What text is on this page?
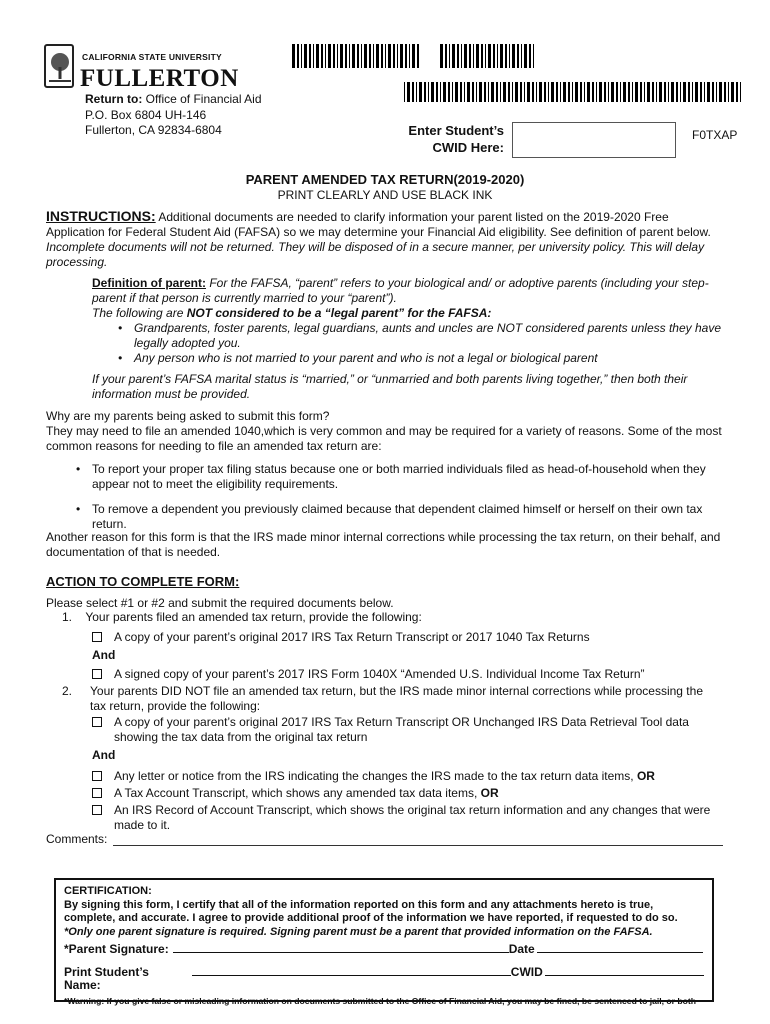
CALIFORNIA STATE UNIVERSITY
FULLERTON
Return to: Office of Financial Aid
P.O. Box 6804 UH-146
Fullerton, CA 92834-6804	Enter Student’s
CWID Here:
F0TXAP
PARENT AMENDED TAX RETURN(2019-2020)
PRINT CLEARLY AND USE BLACK INK
INSTRUCTIONS: Additional documents are needed to clarify information your parent listed on the 2019-2020 Free Application for Federal Student Aid (FAFSA) so we may determine your Financial Aid eligibility. See definition of parent below. Incomplete documents will not be returned. They will be disposed of in a secure manner, per university policy. This will delay processing.
Definition of parent: For the FAFSA, “parent” refers to your biological and/ or adoptive parents (including your step-parent if that person is currently married to your “parent”).
The following are NOT considered to be a “legal parent” for the FAFSA:
• Grandparents, foster parents, legal guardians, aunts and uncles are NOT considered parents unless they have legally adopted you.
• Any person who is not married to your parent and who is not a legal or biological parent
If your parent’s FAFSA marital status is “married,” or “unmarried and both parents living together,” then both their information must be provided.
Why are my parents being asked to submit this form?
They may need to file an amended 1040,which is very common and may be required for a variety of reasons. Some of the most common reasons for needing to file an amended tax return are:
• To report your proper tax filing status because one or both married individuals filed as head-of-household when they appear not to meet the eligibility requirements.
• To remove a dependent you previously claimed because that dependent claimed himself or herself on their own tax return.
Another reason for this form is that the IRS made minor internal corrections while processing the tax return, on their behalf, and documentation of that is needed.
ACTION TO COMPLETE FORM:
Please select #1 or #2 and submit the required documents below.
1. Your parents filed an amended tax return, provide the following:
A copy of your parent’s original 2017 IRS Tax Return Transcript or 2017 1040 Tax Returns
And
A signed copy of your parent’s 2017 IRS Form 1040X “Amended U.S. Individual Income Tax Return”
2. Your parents DID NOT file an amended tax return, but the IRS made minor internal corrections while processing the tax return, provide the following:
A copy of your parent’s original 2017 IRS Tax Return Transcript OR Unchanged IRS Data Retrieval Tool data showing the tax data from the original tax return
And
Any letter or notice from the IRS indicating the changes the IRS made to the tax return data items, OR
A Tax Account Transcript, which shows any amended tax data items, OR
An IRS Record of Account Transcript, which shows the original tax return information and any changes that were made to it.
Comments:
CERTIFICATION:
By signing this form, I certify that all of the information reported on this form and any attachments hereto is true, complete, and accurate. I agree to provide additional proof of the information we have reported, if requested to do so.
*Only one parent signature is required. Signing parent must be a parent that provided information on the FAFSA.
*Parent Signature:	Date
Print Student’s Name:
CWID
*Warning: If you give false or misleading information on documents submitted to the Office of Financial Aid, you may be fined, be sentenced to jail, or both
